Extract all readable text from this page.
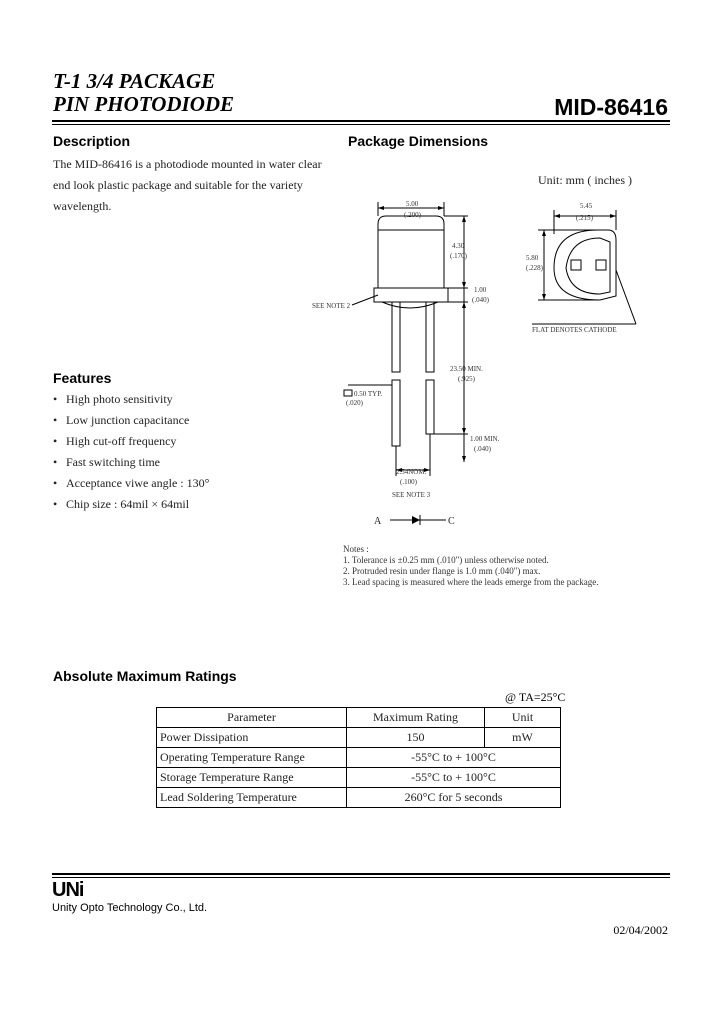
T-1 3/4 PACKAGE
PIN PHOTODIODE	MID-86416
Description
The MID-86416 is a photodiode mounted in water clear end look plastic package and suitable for the variety wavelength.
Package Dimensions
Unit: mm ( inches )
5.00
(.200)
4.30
(.170)
1.00
(.040)
SEE NOTE 2
23.50 MIN.
(.925)
0.50 TYP.
(.020)
1.00 MIN.
(.040)
2.54NOM.
(.100)
SEE NOTE 3
5.45
(.215)
5.80
(.228)
FLAT DENOTES CATHODE
A	C
Notes :
1. Tolerance is ±0.25 mm (.010") unless otherwise noted.
2. Protruded resin under flange is 1.0 mm (.040") max.
3. Lead spacing is measured where the leads emerge from the package.
Features
• High photo sensitivity
• Low junction capacitance
• High cut-off frequency
• Fast switching time
• Acceptance viwe angle : 130°
• Chip size : 64mil × 64mil
Absolute Maximum Ratings
@ TA=25°C
Parameter	Maximum Rating	Unit
Power Dissipation	150	mW
Operating Temperature Range	-55°C to + 100°C	
Storage Temperature Range	-55°C to + 100°C	
Lead Soldering Temperature	260°C for 5 seconds	
UNi
Unity Opto Technology Co., Ltd.
02/04/2002
